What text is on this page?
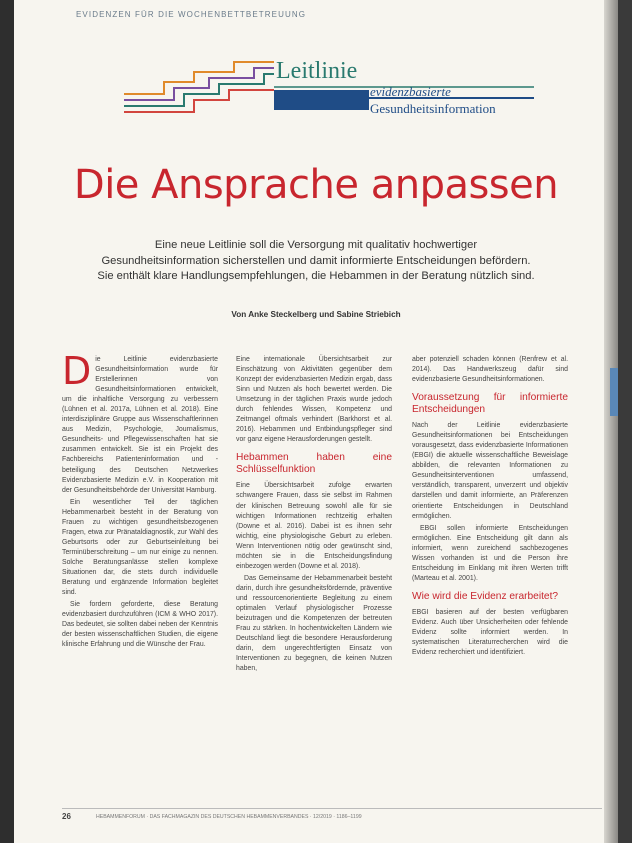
EVIDENZEN FÜR DIE WOCHENBETTBETREUUNG
Leitlinie
evidenzbasierte
Gesundheitsinformation
Die Ansprache anpassen
Eine neue Leitlinie soll die Versorgung mit qualitativ hochwertiger Gesundheitsinformation sicherstellen und damit informierte Entscheidungen befördern. Sie enthält klare Handlungsempfehlungen, die Hebammen in der Beratung nützlich sind.
Von Anke Steckelberg und Sabine Striebich
D ie Leitlinie evidenzbasierte Gesundheitsinformation wurde für Erstellerinnen von Gesundheitsinformationen entwickelt, um die inhaltliche Versorgung zu verbessern (Lühnen et al. 2017a, Lühnen et al. 2018). Eine interdisziplinäre Gruppe aus Wissenschaftlerinnen aus Medizin, Psychologie, Journalismus, Gesundheits- und Pflegewissenschaften hat sie zusammen entwickelt. Sie ist ein Projekt des Fachbereichs Patienteninformation und -beteiligung des Deutschen Netzwerkes Evidenzbasierte Medizin e.V. in Kooperation mit der Gesundheitsbehörde der Universität Hamburg.

Ein wesentlicher Teil der täglichen Hebammenarbeit besteht in der Beratung von Frauen zu wichtigen gesundheitsbezogenen Fragen, etwa zur Pränataldiagnostik, zur Wahl des Geburtsorts oder zur Geburtseinleitung bei Terminüberschreitung – um nur einige zu nennen. Solche Beratungsanlässe stellen komplexe Situationen dar, die stets durch individuelle Beratung und ergänzende Information begleitet sind.

Sie fordern geforderte, diese Beratung evidenzbasiert durchzuführen (ICM & WHO 2017). Das bedeutet, sie sollten dabei neben der Kenntnis der besten wissenschaftlichen Studien, die eigene klinische Erfahrung und die Wünsche der Frau.

Eine internationale Übersichtsarbeit zur Einschätzung von Aktivitäten gegenüber dem Konzept der evidenzbasierten Medizin ergab, dass Sinn und Nutzen als hoch bewertet werden. Die Umsetzung in der täglichen Praxis wurde jedoch durch fehlendes Wissen, Kompetenz und Zeitmangel oftmals verhindert (Barkhorst et al. 2016). Hebammen und Entbindungspfleger sind vor ganz eigene Herausforderungen gestellt.

Hebammen haben eine Schlüsselfunktion

Eine Übersichtsarbeit zufolge erwarten schwangere Frauen, dass sie selbst im Rahmen der klinischen Betreuung sowohl alle für sie wichtigen Informationen rechtzeitig erhalten (Downe et al. 2016). Dabei ist es ihnen sehr wichtig, eine physiologische Geburt zu erleben. Wenn Interventionen nötig oder gewünscht sind, möchten sie in die Entscheidungsfindung einbezogen werden (Downe et al. 2018).

Das Gemeinsame der Hebammenarbeit besteht darin, durch ihre gesundheitsfördernde, präventive und ressourcenorientierte Begleitung zu einem optimalen Verlauf physiologischer Prozesse beizutragen und die Kompetenzen der betreuten Frau zu stärken. In hochentwickelten Ländern wie Deutschland liegt die besondere Herausforderung darin, dem ungerechtfertigten Einsatz von Interventionen zu begegnen, die keinen Nutzen haben,

aber potenziell schaden können (Renfrew et al. 2014). Das Handwerkszeug dafür sind evidenzbasierte Gesundheitsinformationen.

Voraussetzung für informierte Entscheidungen

Nach der Leitlinie evidenzbasierte Gesundheitsinformationen bei Entscheidungen vorausgesetzt, dass evidenzbasierte Informationen (EBGI) die aktuelle wissenschaftliche Beweislage abbilden, die relevanten Informationen zu Gesundheitsinterventionen umfassend, verständlich, transparent, unverzerrt und objektiv darstellen und damit informierte, an Präferenzen orientierte Entscheidungen in Deutschland ermöglichen.

EBGI sollen informierte Entscheidungen ermöglichen. Eine Entscheidung gilt dann als informiert, wenn zureichend sachbezogenes Wissen vorhanden ist und die Person ihre Entscheidung im Einklang mit ihren Werten trifft (Marteau et al. 2001).

Wie wird die Evidenz erarbeitet?

EBGI basieren auf der besten verfügbaren Evidenz. Auch über Unsicherheiten oder fehlende Evidenz sollte informiert werden. In systematischen Literaturrecherchen wird die Evidenz recherchiert und identifiziert.

26	HEBAMMENFORUM · DAS FACHMAGAZIN DES DEUTSCHEN HEBAMMENVERBANDES · 12/2019 · 1186–1199
